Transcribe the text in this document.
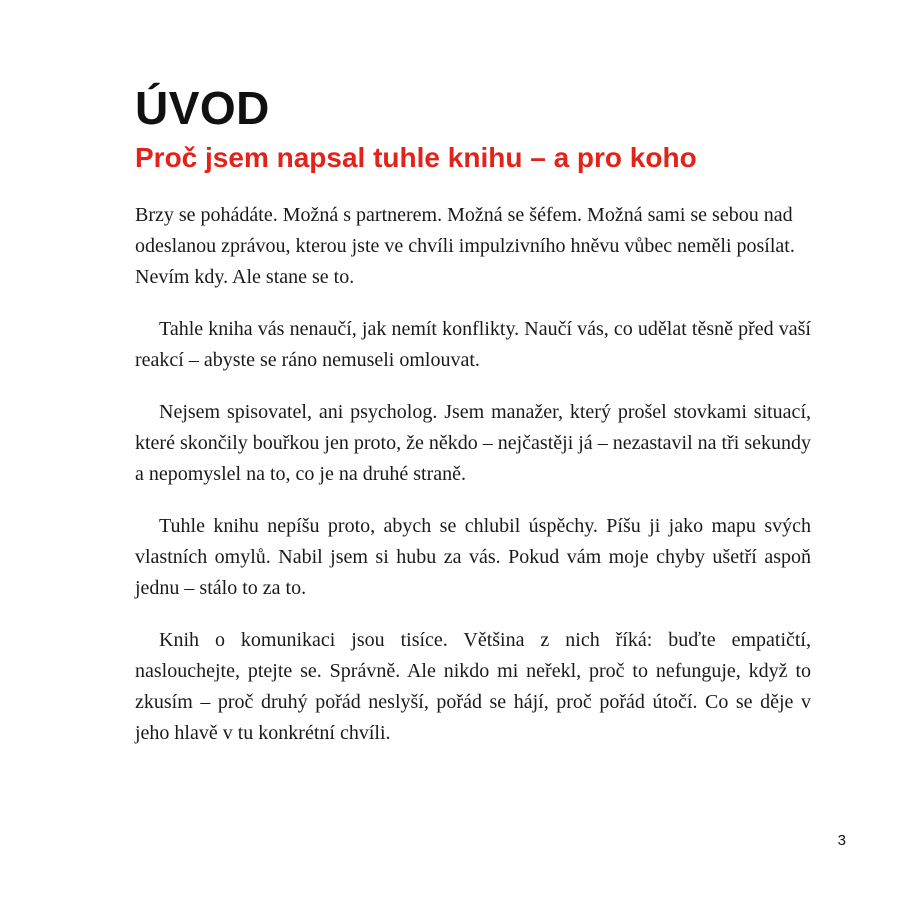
ÚVOD
Proč jsem napsal tuhle knihu – a pro koho

Brzy se pohádáte. Možná s partnerem. Možná se šéfem. Možná sami se sebou nad odeslanou zprávou, kterou jste ve chvíli impulzivního hněvu vůbec neměli posílat. Nevím kdy. Ale stane se to.

Tahle kniha vás nenaučí, jak nemít konflikty. Naučí vás, co udělat těsně před vaší reakcí – abyste se ráno nemuseli omlouvat.

Nejsem spisovatel, ani psycholog. Jsem manažer, který prošel stovkami situací, které skončily bouřkou jen proto, že někdo – nejčastěji já – nezastavil na tři sekundy a nepomyslel na to, co je na druhé straně.

Tuhle knihu nepíšu proto, abych se chlubil úspěchy. Píšu ji jako mapu svých vlastních omylů. Nabil jsem si hubu za vás. Pokud vám moje chyby ušetří aspoň jednu – stálo to za to.

Knih o komunikaci jsou tisíce. Většina z nich říká: buďte empatičtí, naslouchejte, ptejte se. Správně. Ale nikdo mi neřekl, proč to nefunguje, když to zkusím – proč druhý pořád neslyší, pořád se hájí, proč pořád útočí. Co se děje v jeho hlavě v tu konkrétní chvíli.

3
